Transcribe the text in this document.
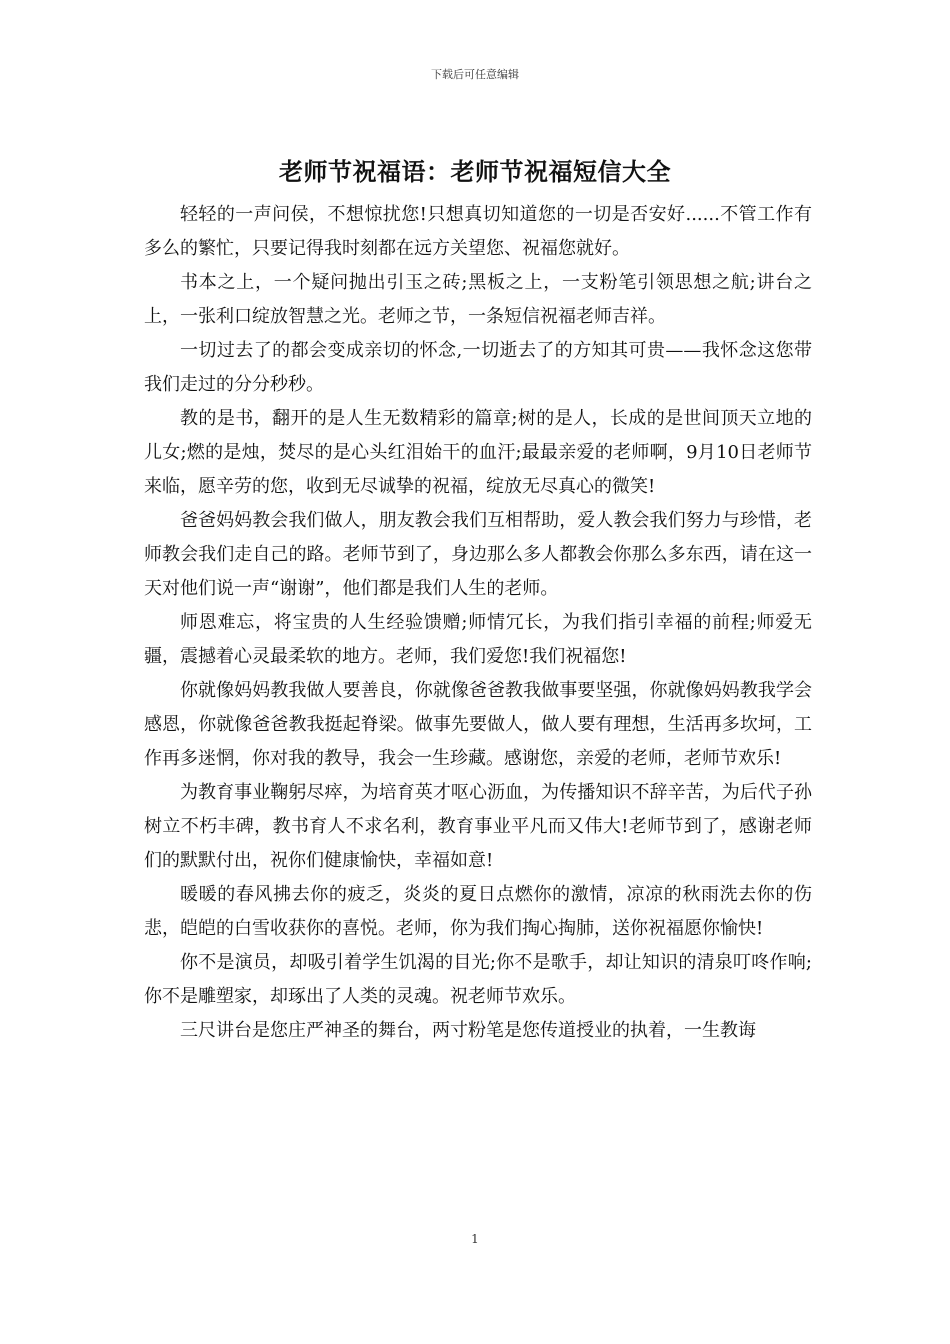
下载后可任意编辑
老师节祝福语：老师节祝福短信大全

轻轻的一声问侯，不想惊扰您!只想真切知道您的一切是否安好......不管工作有多么的繁忙，只要记得我时刻都在远方关望您、祝福您就好。

书本之上，一个疑问抛出引玉之砖;黑板之上，一支粉笔引领思想之航;讲台之上，一张利口绽放智慧之光。老师之节，一条短信祝福老师吉祥。

一切过去了的都会变成亲切的怀念,一切逝去了的方知其可贵——我怀念这您带我们走过的分分秒秒。

教的是书，翻开的是人生无数精彩的篇章;树的是人，长成的是世间顶天立地的儿女;燃的是烛，焚尽的是心头红泪始干的血汗;最最亲爱的老师啊，9月10日老师节来临，愿辛劳的您，收到无尽诚挚的祝福，绽放无尽真心的微笑!

爸爸妈妈教会我们做人，朋友教会我们互相帮助，爱人教会我们努力与珍惜，老师教会我们走自己的路。老师节到了，身边那么多人都教会你那么多东西，请在这一天对他们说一声“谢谢”，他们都是我们人生的老师。

师恩难忘，将宝贵的人生经验馈赠;师情冗长，为我们指引幸福的前程;师爱无疆，震撼着心灵最柔软的地方。老师，我们爱您!我们祝福您!

你就像妈妈教我做人要善良，你就像爸爸教我做事要坚强，你就像妈妈教我学会感恩，你就像爸爸教我挺起脊梁。做事先要做人，做人要有理想，生活再多坎坷，工作再多迷惘，你对我的教导，我会一生珍藏。感谢您，亲爱的老师，老师节欢乐!

为教育事业鞠躬尽瘁，为培育英才呕心沥血，为传播知识不辞辛苦，为后代子孙树立不朽丰碑，教书育人不求名利，教育事业平凡而又伟大!老师节到了，感谢老师们的默默付出，祝你们健康愉快，幸福如意!

暖暖的春风拂去你的疲乏，炎炎的夏日点燃你的激情，凉凉的秋雨洗去你的伤悲，皑皑的白雪收获你的喜悦。老师，你为我们掏心掏肺，送你祝福愿你愉快!

你不是演员，却吸引着学生饥渴的目光;你不是歌手，却让知识的清泉叮咚作响;你不是雕塑家，却琢出了人类的灵魂。祝老师节欢乐。

三尺讲台是您庄严神圣的舞台，两寸粉笔是您传道授业的执着，一生教诲

1
